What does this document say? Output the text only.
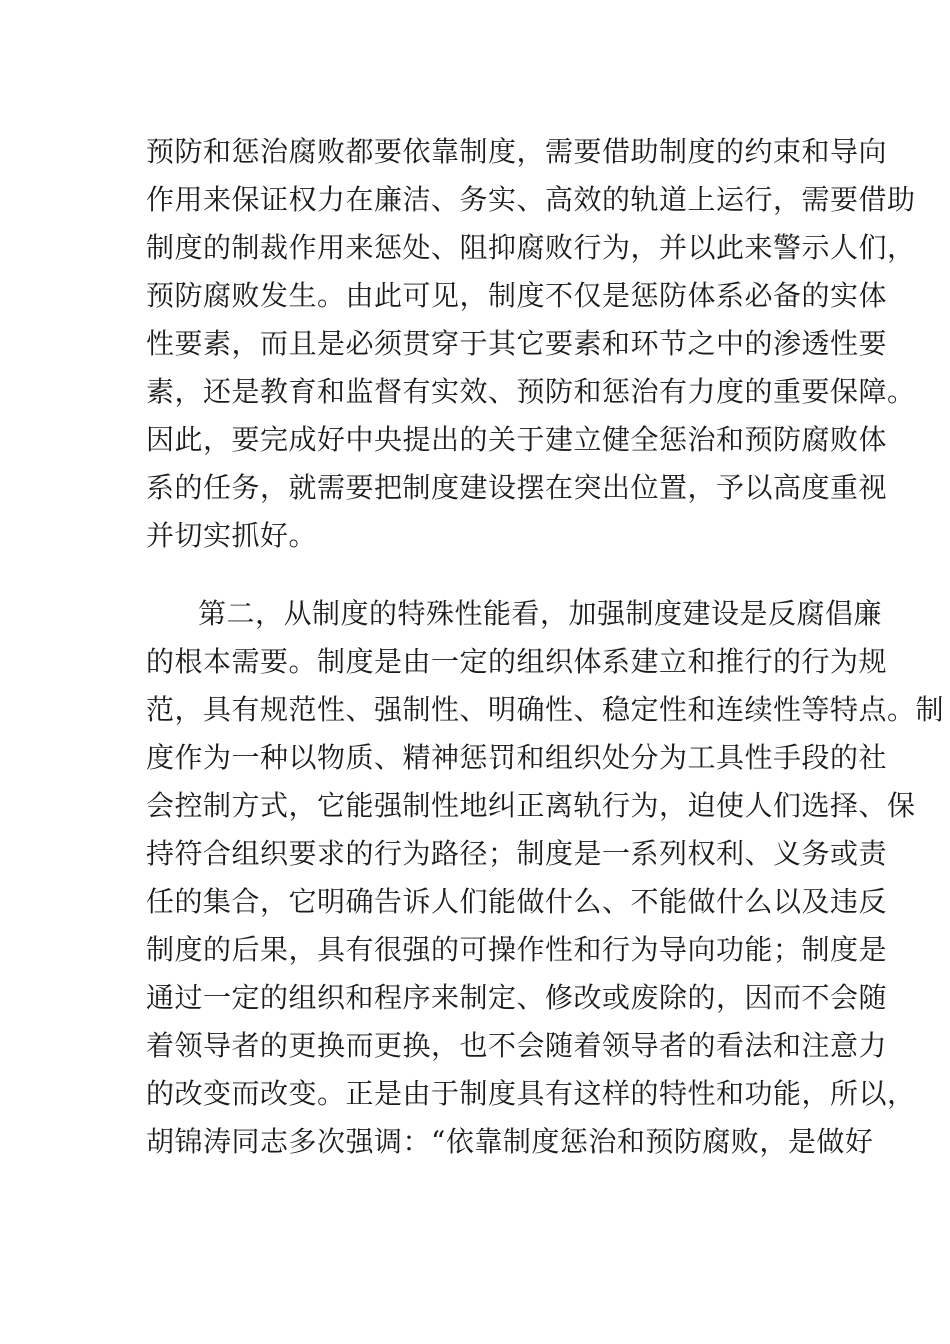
预防和惩治腐败都要依靠制度，需要借助制度的约束和导向
作用来保证权力在廉洁、务实、高效的轨道上运行，需要借助
制度的制裁作用来惩处、阻抑腐败行为，并以此来警示人们，
预防腐败发生。由此可见，制度不仅是惩防体系必备的实体
性要素，而且是必须贯穿于其它要素和环节之中的渗透性要
素，还是教育和监督有实效、预防和惩治有力度的重要保障。
因此，要完成好中央提出的关于建立健全惩治和预防腐败体
系的任务，就需要把制度建设摆在突出位置，予以高度重视
并切实抓好。
第二，从制度的特殊性能看，加强制度建设是反腐倡廉
的根本需要。制度是由一定的组织体系建立和推行的行为规
范，具有规范性、强制性、明确性、稳定性和连续性等特点。制
度作为一种以物质、精神惩罚和组织处分为工具性手段的社
会控制方式，它能强制性地纠正离轨行为，迫使人们选择、保
持符合组织要求的行为路径；制度是一系列权利、义务或责
任的集合，它明确告诉人们能做什么、不能做什么以及违反
制度的后果，具有很强的可操作性和行为导向功能；制度是
通过一定的组织和程序来制定、修改或废除的，因而不会随
着领导者的更换而更换，也不会随着领导者的看法和注意力
的改变而改变。正是由于制度具有这样的特性和功能，所以，
胡锦涛同志多次强调：“依靠制度惩治和预防腐败，是做好
